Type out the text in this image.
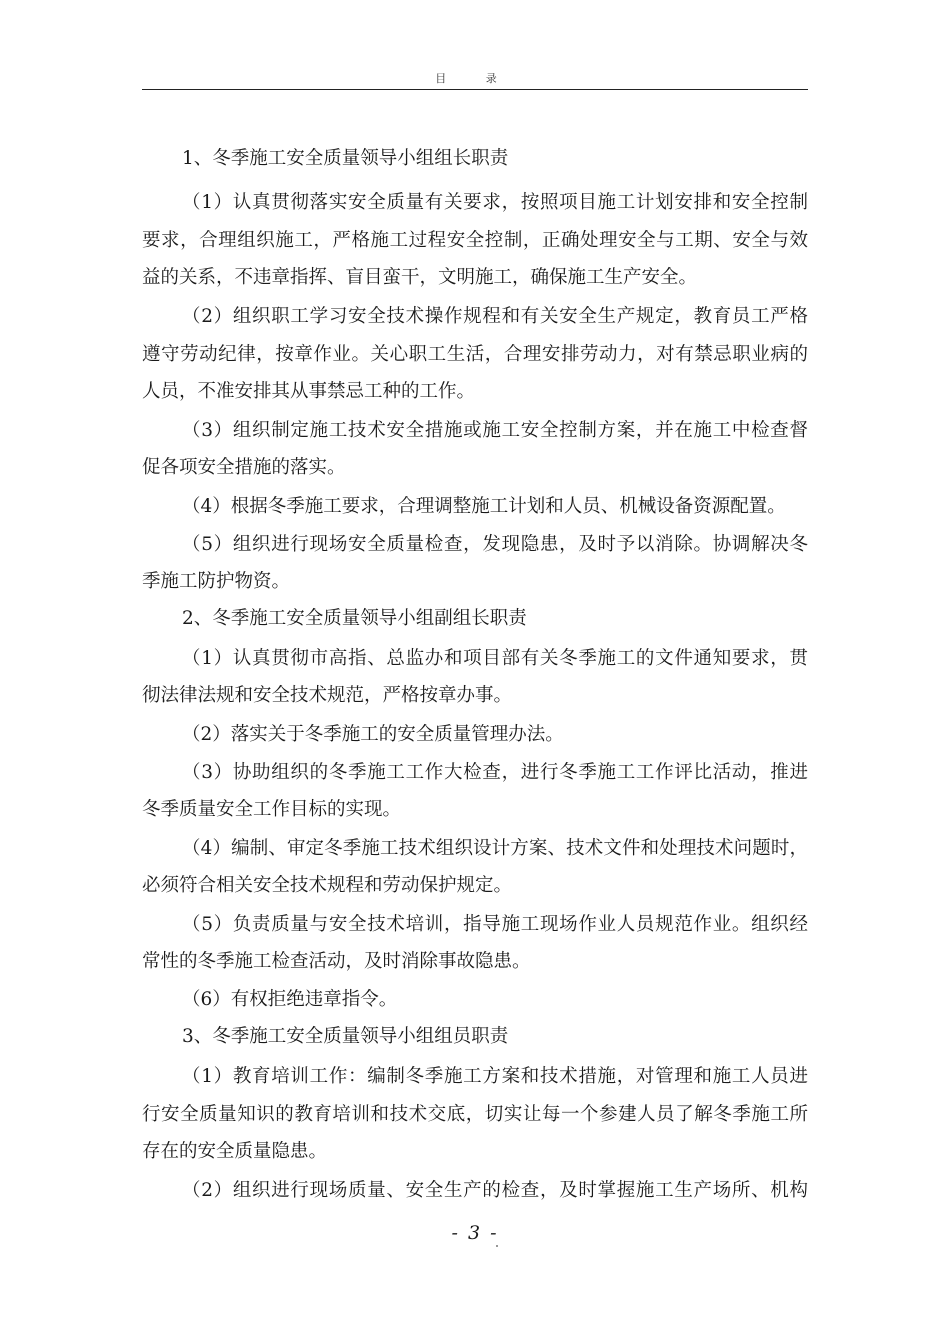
目 录
1、冬季施工安全质量领导小组组长职责
（1）认真贯彻落实安全质量有关要求，按照项目施工计划安排和安全控制
要求，合理组织施工，严格施工过程安全控制，正确处理安全与工期、安全与效
益的关系，不违章指挥、盲目蛮干，文明施工，确保施工生产安全。
（2）组织职工学习安全技术操作规程和有关安全生产规定，教育员工严格
遵守劳动纪律，按章作业。关心职工生活，合理安排劳动力，对有禁忌职业病的
人员，不准安排其从事禁忌工种的工作。
（3）组织制定施工技术安全措施或施工安全控制方案，并在施工中检查督
促各项安全措施的落实。
（4）根据冬季施工要求，合理调整施工计划和人员、机械设备资源配置。
（5）组织进行现场安全质量检查，发现隐患，及时予以消除。协调解决冬
季施工防护物资。
2、冬季施工安全质量领导小组副组长职责
（1）认真贯彻市高指、总监办和项目部有关冬季施工的文件通知要求，贯
彻法律法规和安全技术规范，严格按章办事。
（2）落实关于冬季施工的安全质量管理办法。
（3）协助组织的冬季施工工作大检查，进行冬季施工工作评比活动，推进
冬季质量安全工作目标的实现。
（4）编制、审定冬季施工技术组织设计方案、技术文件和处理技术问题时，
必须符合相关安全技术规程和劳动保护规定。
（5）负责质量与安全技术培训，指导施工现场作业人员规范作业。组织经
常性的冬季施工检查活动，及时消除事故隐患。
（6）有权拒绝违章指令。
3、冬季施工安全质量领导小组组员职责
（1）教育培训工作：编制冬季施工方案和技术措施，对管理和施工人员进
行安全质量知识的教育培训和技术交底，切实让每一个参建人员了解冬季施工所
存在的安全质量隐患。
（2）组织进行现场质量、安全生产的检查，及时掌握施工生产场所、机构
- 3 -
